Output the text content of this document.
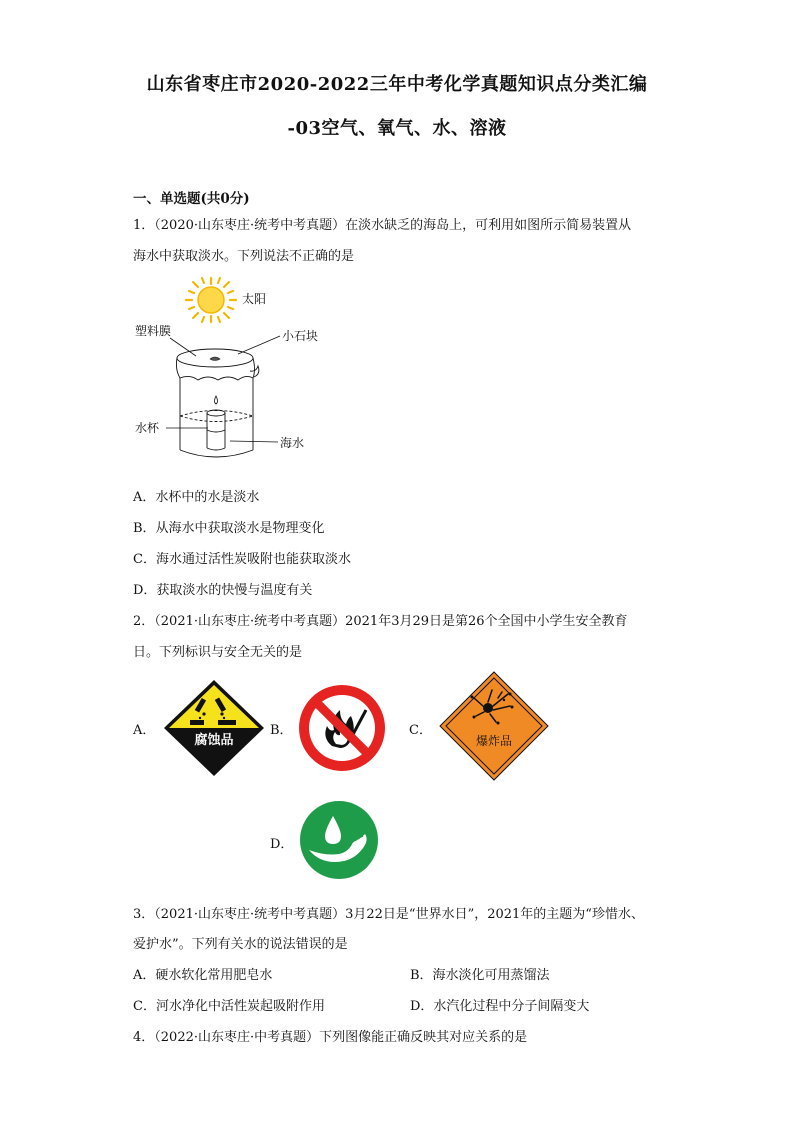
山东省枣庄市2020-2022三年中考化学真题知识点分类汇编
-03空气、氧气、水、溶液
一、单选题(共0分)
1．（2020·山东枣庄·统考中考真题）在淡水缺乏的海岛上，可利用如图所示简易装置从
海水中获取淡水。下列说法不正确的是
太阳
塑料膜	小石块
水杯
海水
A．水杯中的水是淡水
B．从海水中获取淡水是物理变化
C．海水通过活性炭吸附也能获取淡水
D．获取淡水的快慢与温度有关
2．（2021·山东枣庄·统考中考真题）2021年3月29日是第26个全国中小学生安全教育
日。下列标识与安全无关的是
A．
腐蚀品
B．	C．
爆炸品
D．
3．（2021·山东枣庄·统考中考真题）3月22日是“世界水日”，2021年的主题为“珍惜水、
爱护水”。下列有关水的说法错误的是
A．硬水软化常用肥皂水	B．海水淡化可用蒸馏法
C．河水净化中活性炭起吸附作用	D．水汽化过程中分子间隔变大
4．（2022·山东枣庄·中考真题）下列图像能正确反映其对应关系的是
